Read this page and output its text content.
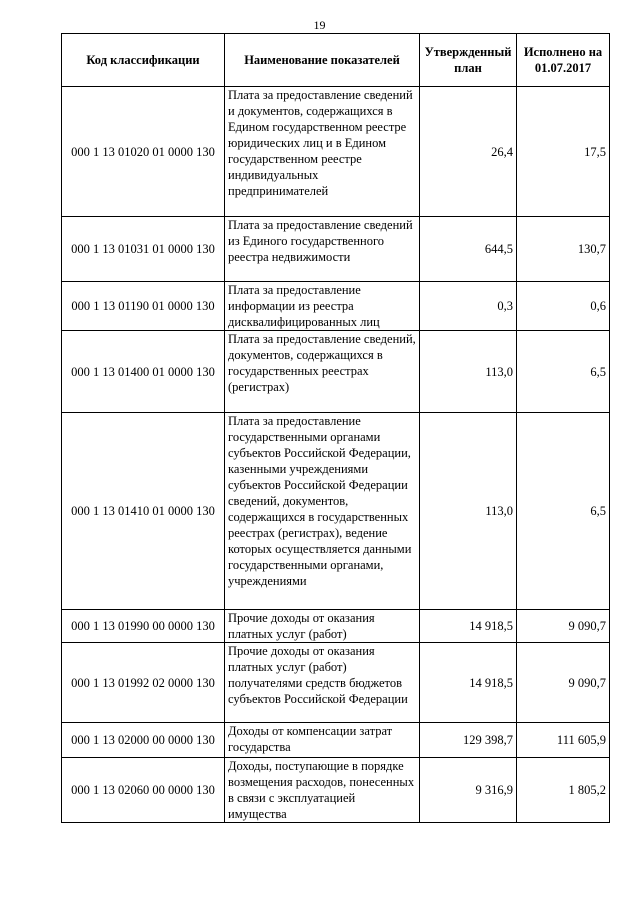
19
Код классификации	Наименование показателей	Утвержденный план	Исполнено на 01.07.2017
000 1 13 01020 01 0000 130	Плата за предоставление сведений и документов, содержащихся в Едином государственном реестре юридических лиц и в Едином государственном реестре индивидуальных предпринимателей	26,4	17,5
000 1 13 01031 01 0000 130	Плата за предоставление сведений из Единого государственного реестра недвижимости	644,5	130,7
000 1 13 01190 01 0000 130	Плата за предоставление информации из реестра дисквалифицированных лиц	0,3	0,6
000 1 13 01400 01 0000 130	Плата за предоставление сведений, документов, содержащихся в государственных реестрах (регистрах)	113,0	6,5
000 1 13 01410 01 0000 130	Плата за предоставление государственными органами субъектов Российской Федерации, казенными учреждениями субъектов Российской Федерации сведений, документов, содержащихся в государственных реестрах (регистрах), ведение которых осуществляется данными государственными органами, учреждениями	113,0	6,5
000 1 13 01990 00 0000 130	Прочие доходы от оказания платных услуг (работ)	14 918,5	9 090,7
000 1 13 01992 02 0000 130	Прочие доходы от оказания платных услуг (работ) получателями средств бюджетов субъектов Российской Федерации	14 918,5	9 090,7
000 1 13 02000 00 0000 130	Доходы от компенсации затрат государства	129 398,7	111 605,9
000 1 13 02060 00 0000 130	Доходы, поступающие в порядке возмещения расходов, понесенных в связи с эксплуатацией имущества	9 316,9	1 805,2
